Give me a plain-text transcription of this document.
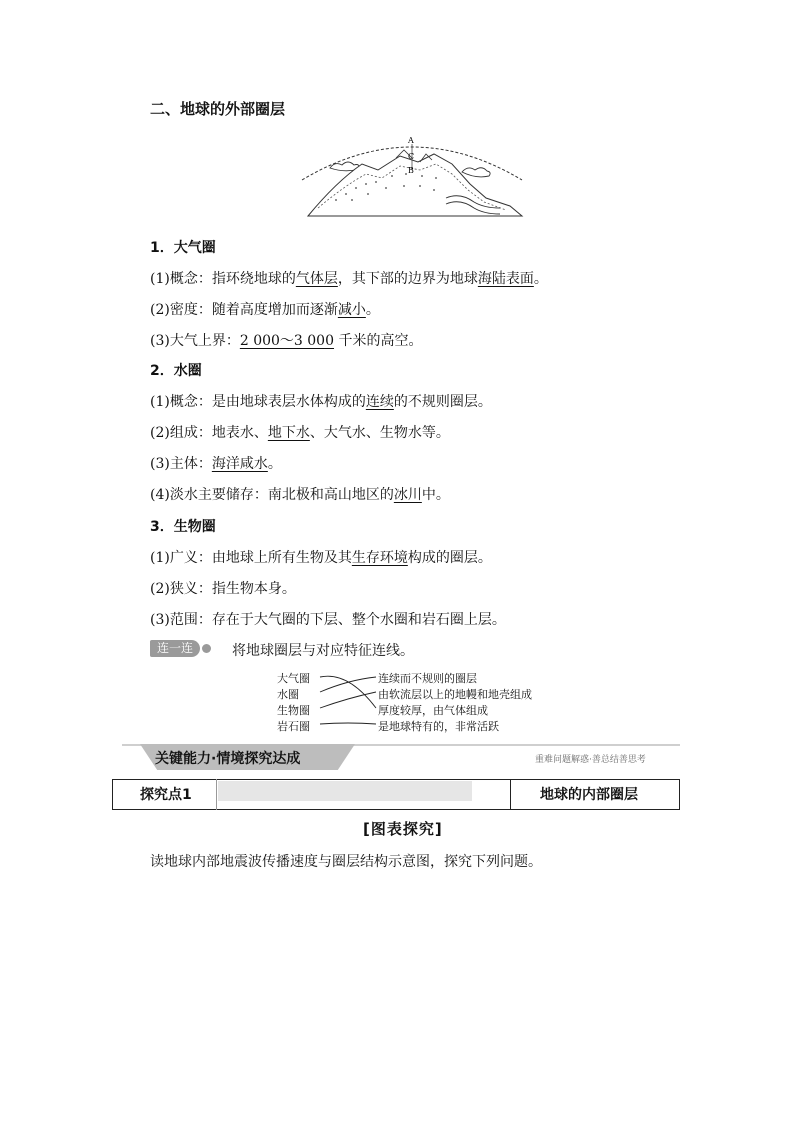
二、地球的外部圈层
A
C
B
1．大气圈
(1)概念：指环绕地球的气体层，其下部的边界为地球海陆表面。
(2)密度：随着高度增加而逐渐减小。
(3)大气上界：2 000～3 000 千米的高空。
2．水圈
(1)概念：是由地球表层水体构成的连续的不规则圈层。
(2)组成：地表水、地下水、大气水、生物水等。
(3)主体：海洋咸水。
(4)淡水主要储存：南北极和高山地区的冰川中。
3．生物圈
(1)广义：由地球上所有生物及其生存环境构成的圈层。
(2)狭义：指生物本身。
(3)范围：存在于大气圈的下层、整个水圈和岩石圈上层。
连一连	将地球圈层与对应特征连线。
大气圈
水圈
生物圈
岩石圈
连续而不规则的圈层
由软流层以上的地幔和地壳组成
厚度较厚，由气体组成
是地球特有的，非常活跃
关键能力·情境探究达成	重难问题解惑·善总结善思考
探究点1	地球的内部圈层
[图表探究]
读地球内部地震波传播速度与圈层结构示意图，探究下列问题。
